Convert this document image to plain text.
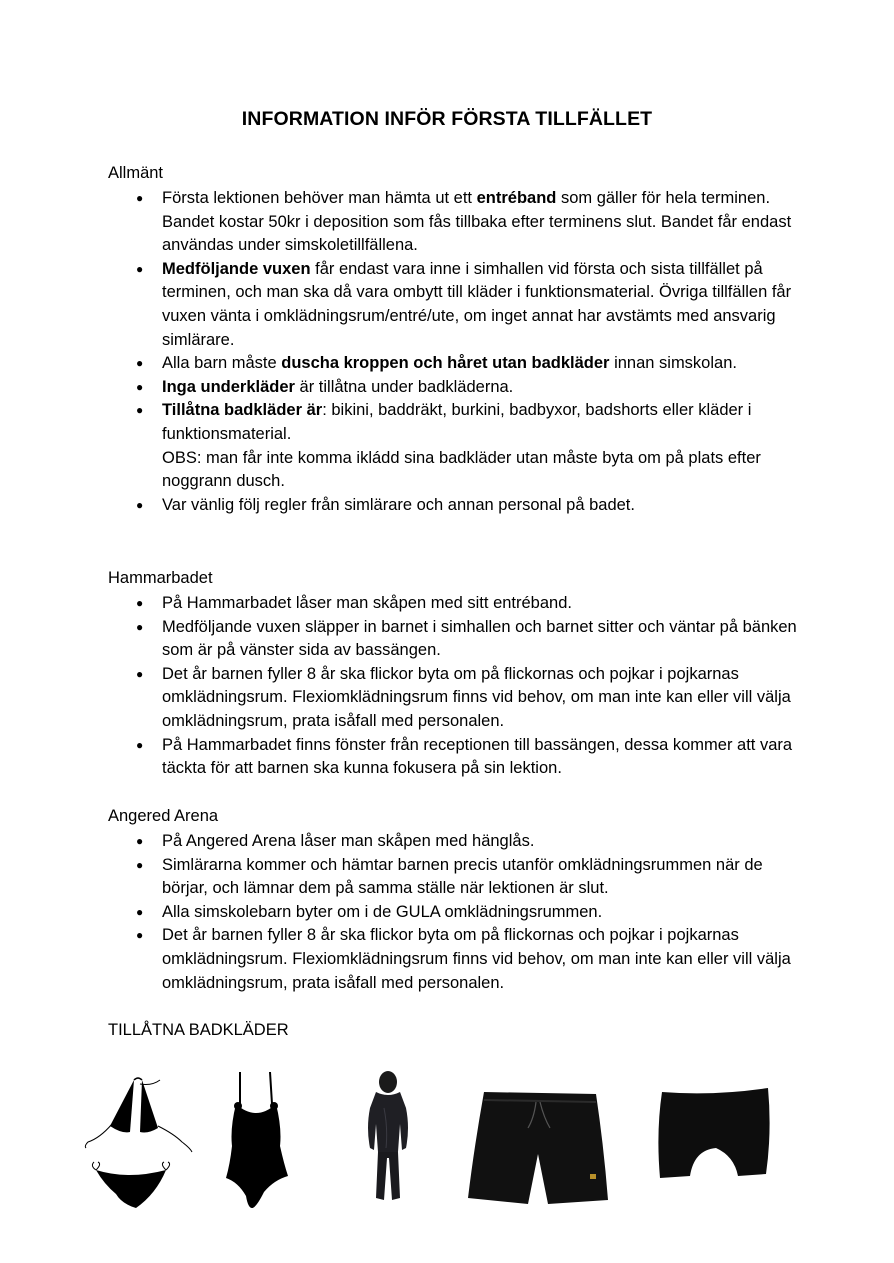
INFORMATION INFÖR FÖRSTA TILLFÄLLET

Allmänt

● Första lektionen behöver man hämta ut ett entréband som gäller för hela terminen. Bandet kostar 50kr i deposition som fås tillbaka efter terminens slut. Bandet får endast användas under simskoletillfällena.
● Medföljande vuxen får endast vara inne i simhallen vid första och sista tillfället på terminen, och man ska då vara ombytt till kläder i funktionsmaterial. Övriga tillfällen får vuxen vänta i omklädningsrum/entré/ute, om inget annat har avstämts med ansvarig simlärare.
● Alla barn måste duscha kroppen och håret utan badkläder innan simskolan.
● Inga underkläder är tillåtna under badkläderna.
● Tillåtna badkläder är: bikini, baddräkt, burkini, badbyxor, badshorts eller kläder i funktionsmaterial.
OBS: man får inte komma ikládd sina badkläder utan måste byta om på plats efter noggrann dusch.
● Var vänlig följ regler från simlärare och annan personal på badet.

Hammarbadet

● På Hammarbadet låser man skåpen med sitt entréband.
● Medföljande vuxen släpper in barnet i simhallen och barnet sitter och väntar på bänken som är på vänster sida av bassängen.
● Det år barnen fyller 8 år ska flickor byta om på flickornas och pojkar i pojkarnas omklädningsrum. Flexiomklädningsrum finns vid behov, om man inte kan eller vill välja omklädningsrum, prata isåfall med personalen.
● På Hammarbadet finns fönster från receptionen till bassängen, dessa kommer att vara täckta för att barnen ska kunna fokusera på sin lektion.

Angered Arena

● På Angered Arena låser man skåpen med hänglås.
● Simlärarna kommer och hämtar barnen precis utanför omklädningsrummen när de börjar, och lämnar dem på samma ställe när lektionen är slut.
● Alla simskolebarn byter om i de GULA omklädningsrummen.
● Det år barnen fyller 8 år ska flickor byta om på flickornas och pojkar i pojkarnas omklädningsrum. Flexiomklädningsrum finns vid behov, om man inte kan eller vill välja omklädningsrum, prata isåfall med personalen.

TILLÅTNA BADKLÄDER
